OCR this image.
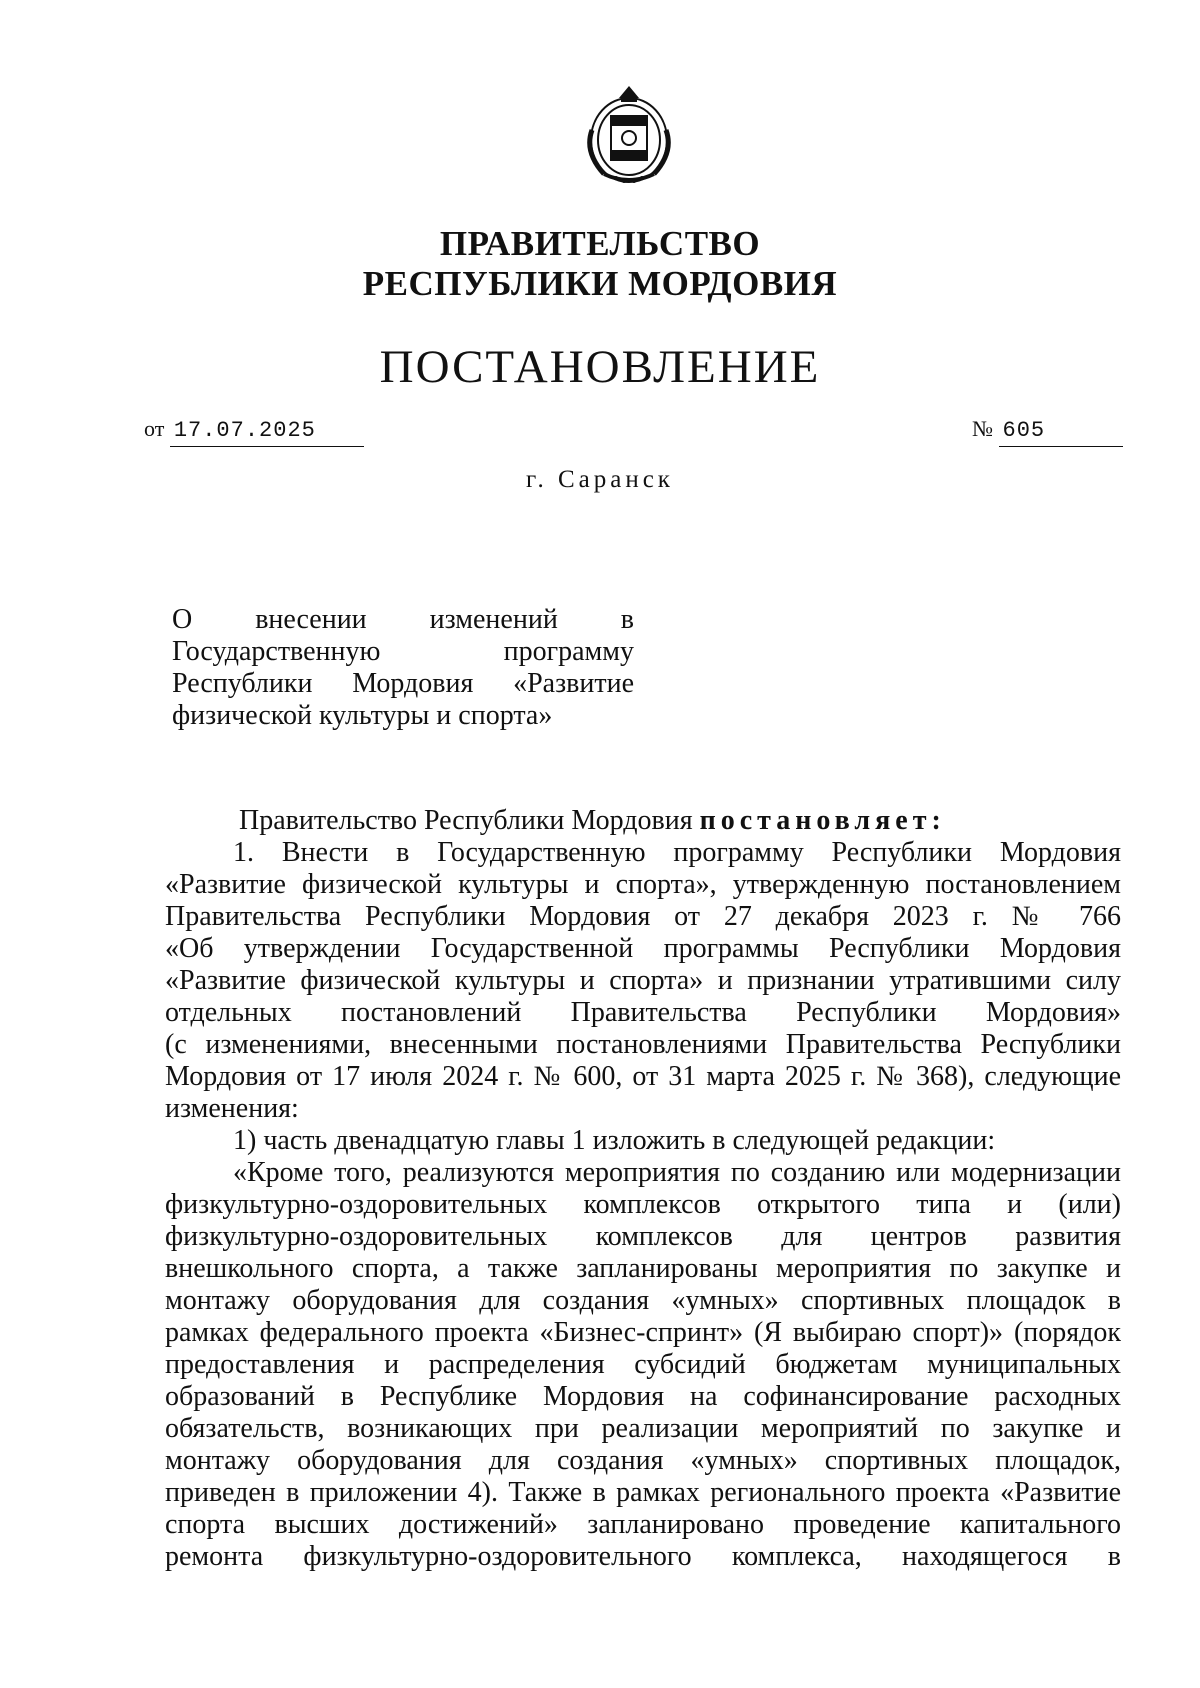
ПРАВИТЕЛЬСТВО
РЕСПУБЛИКИ МОРДОВИЯ
ПОСТАНОВЛЕНИЕ
от 17.07.2025	№ 605
г. Саранск
О внесении изменений в
Государственную программу
Республики Мордовия «Развитие
физической культуры и спорта»
Правительство Республики Мордовия постановляет:
1. Внести в Государственную программу Республики Мордовия
«Развитие физической культуры и спорта», утвержденную постановлением
Правительства Республики Мордовия от 27 декабря 2023 г. № 766
«Об утверждении Государственной программы Республики Мордовия
«Развитие физической культуры и спорта» и признании утратившими силу
отдельных постановлений Правительства Республики Мордовия»
(с изменениями, внесенными постановлениями Правительства Республики
Мордовия от 17 июля 2024 г. № 600, от 31 марта 2025 г. № 368), следующие
изменения:
1) часть двенадцатую главы 1 изложить в следующей редакции:
«Кроме того, реализуются мероприятия по созданию или модернизации
физкультурно-оздоровительных комплексов открытого типа и (или)
физкультурно-оздоровительных комплексов для центров развития
внешкольного спорта, а также запланированы мероприятия по закупке и
монтажу оборудования для создания «умных» спортивных площадок в
рамках федерального проекта «Бизнес-спринт» (Я выбираю спорт)» (порядок
предоставления и распределения субсидий бюджетам муниципальных
образований в Республике Мордовия на софинансирование расходных
обязательств, возникающих при реализации мероприятий по закупке и
монтажу оборудования для создания «умных» спортивных площадок,
приведен в приложении 4). Также в рамках регионального проекта «Развитие
спорта высших достижений» запланировано проведение капитального
ремонта физкультурно-оздоровительного комплекса, находящегося в
